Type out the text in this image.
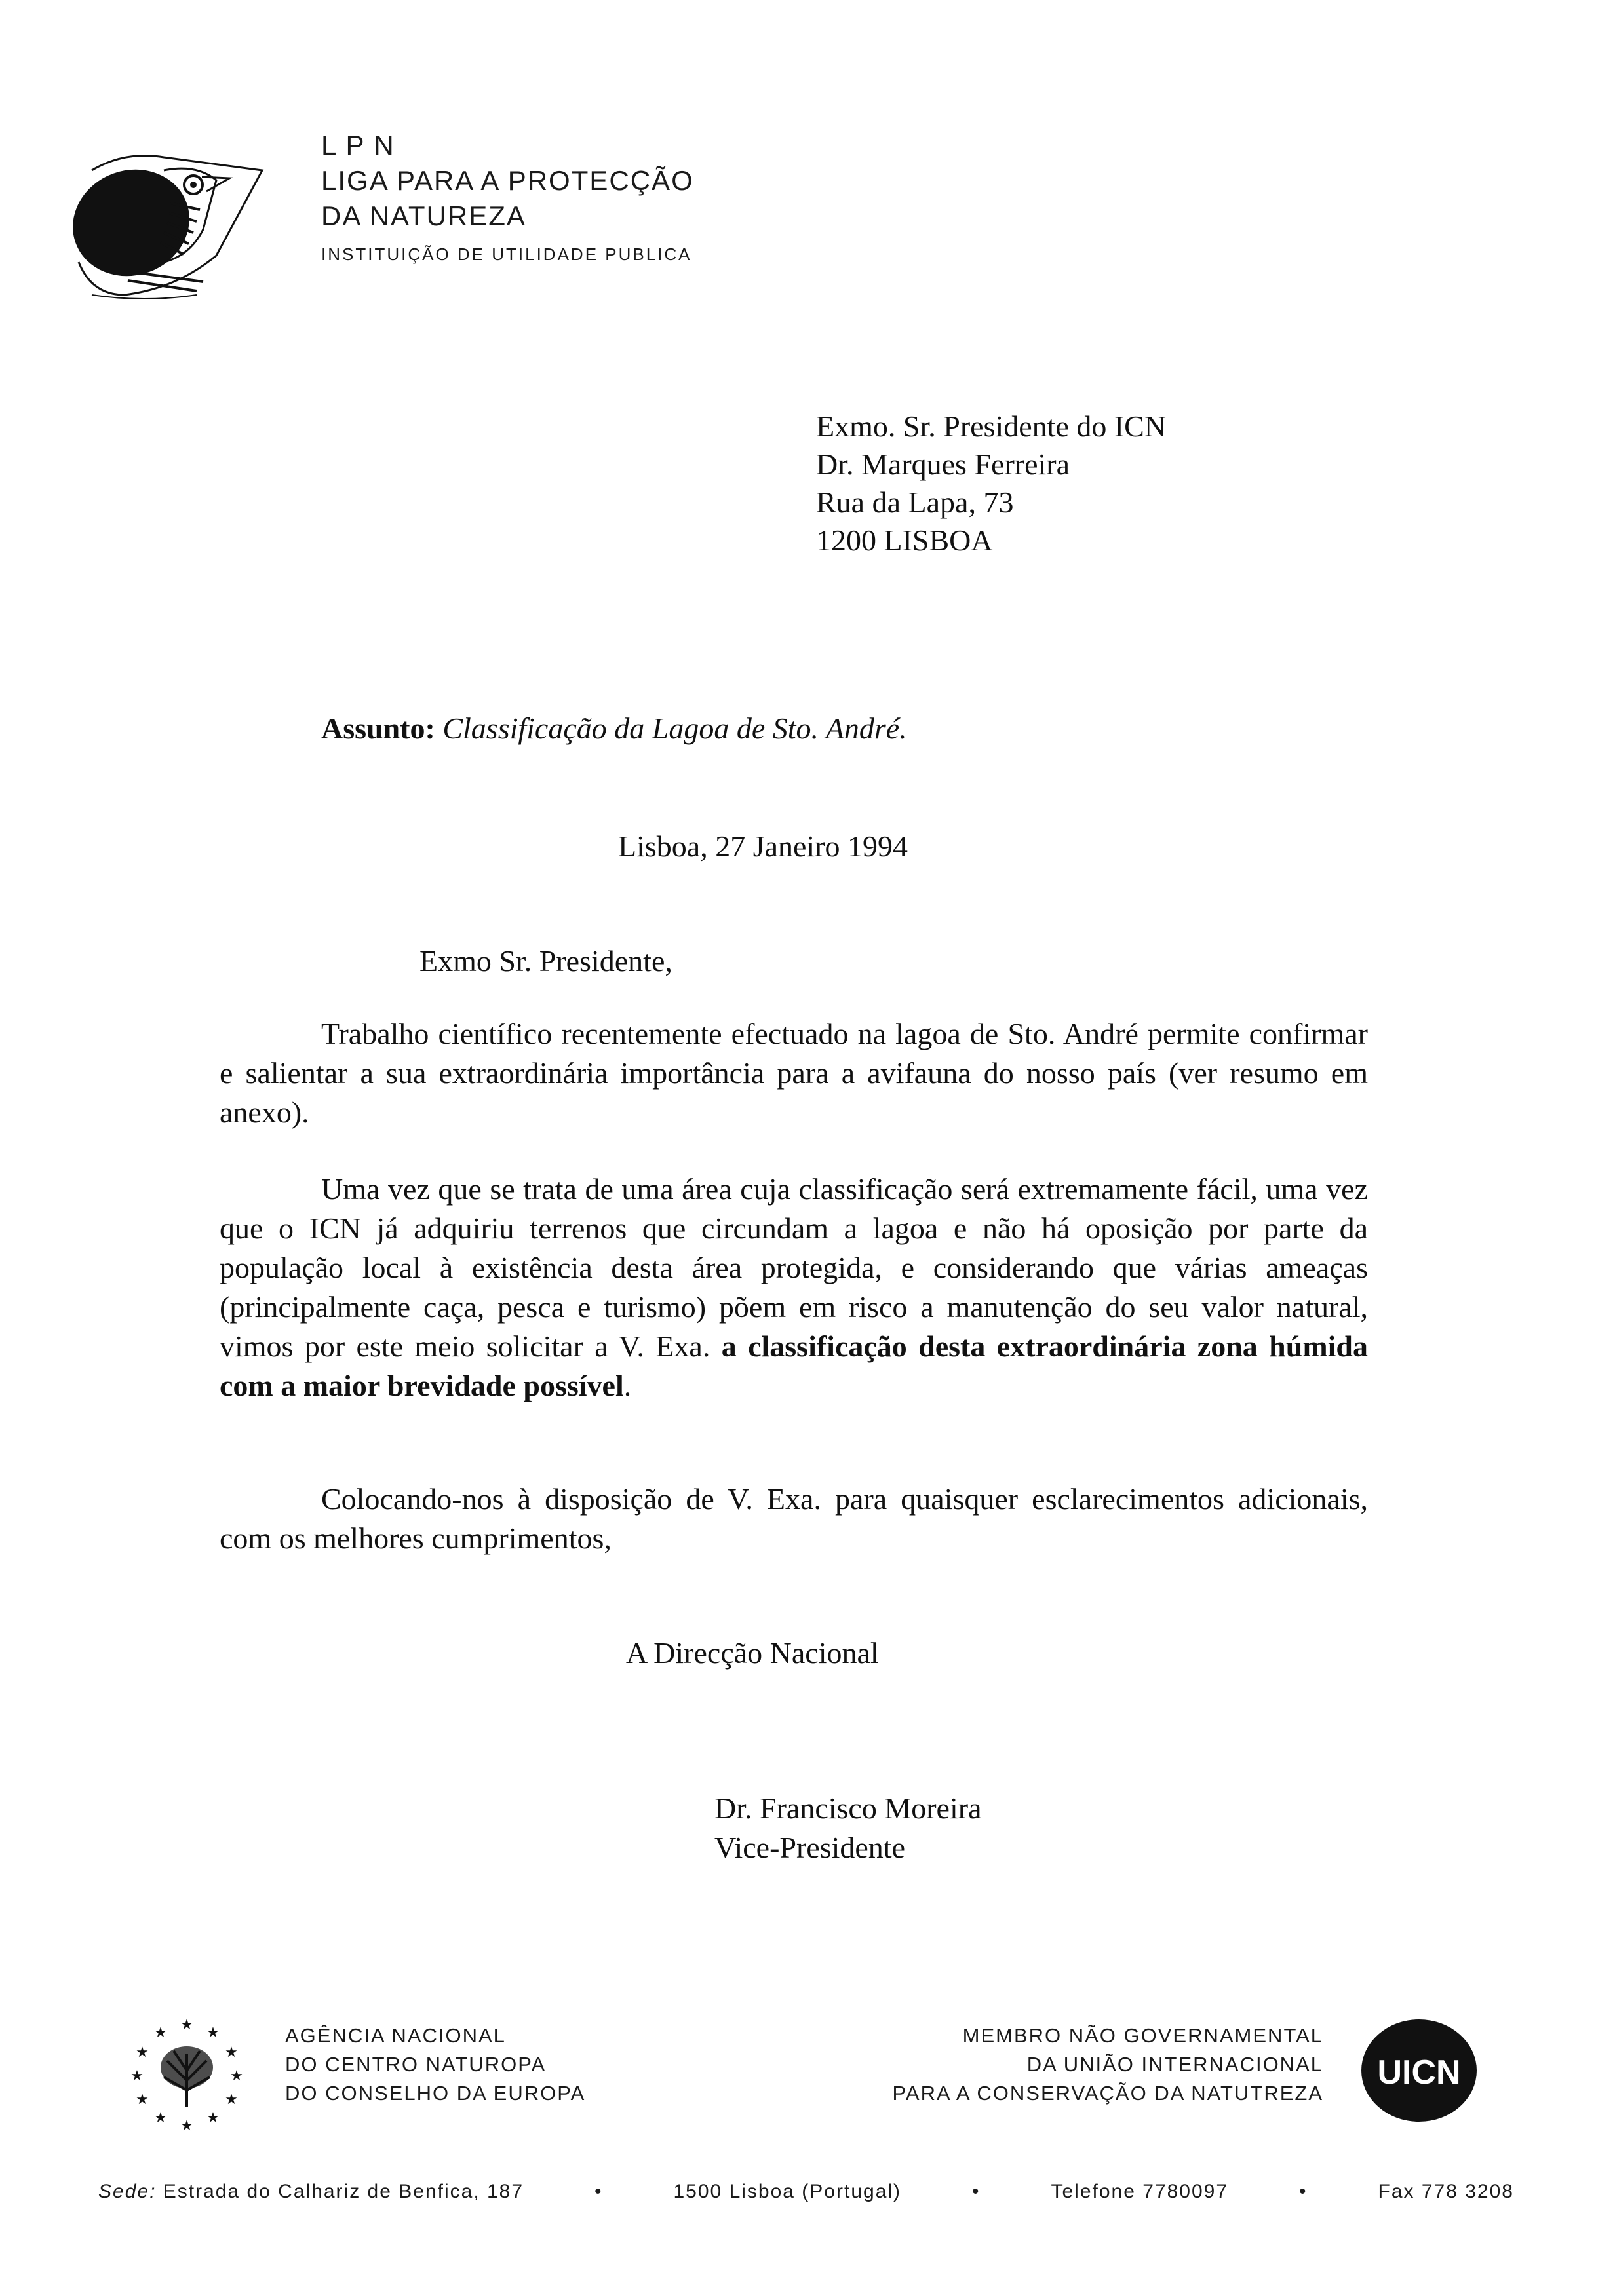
L P N
LIGA PARA A PROTECÇÃO
DA NATUREZA
INSTITUIÇÃO DE UTILIDADE PUBLICA
Exmo. Sr. Presidente do ICN
Dr. Marques Ferreira
Rua da Lapa, 73
1200 LISBOA
Assunto: Classificação da Lagoa de Sto. André.
Lisboa, 27 Janeiro 1994
Exmo Sr. Presidente,

Trabalho científico recentemente efectuado na lagoa de Sto. André permite confirmar e salientar a sua extraordinária importância para a avifauna do nosso país (ver resumo em anexo).

Uma vez que se trata de uma área cuja classificação será extremamente fácil, uma vez que o ICN já adquiriu terrenos que circundam a lagoa e não há oposição por parte da população local à existência desta área protegida, e considerando que várias ameaças (principalmente caça, pesca e turismo) põem em risco a manutenção do seu valor natural, vimos por este meio solicitar a V. Exa. a classificação desta extraordinária zona húmida com a maior brevidade possível.

Colocando-nos à disposição de V. Exa. para quaisquer esclarecimentos adicionais, com os melhores cumprimentos,

A Direcção Nacional
Dr. Francisco Moreira
Vice-Presidente
★ ★
★
★
★
★
★
★
★
★
★
★	AGÊNCIA NACIONAL
DO CENTRO NATUROPA
DO CONSELHO DA EUROPA
MEMBRO NÃO GOVERNAMENTAL
DA UNIÃO INTERNACIONAL
PARA A CONSERVAÇÃO DA NATUTREZA
UICN
Sede: Estrada do Calhariz de Benfica, 187	•	1500 Lisboa (Portugal)	•	Telefone 7780097	•	Fax 778 3208
